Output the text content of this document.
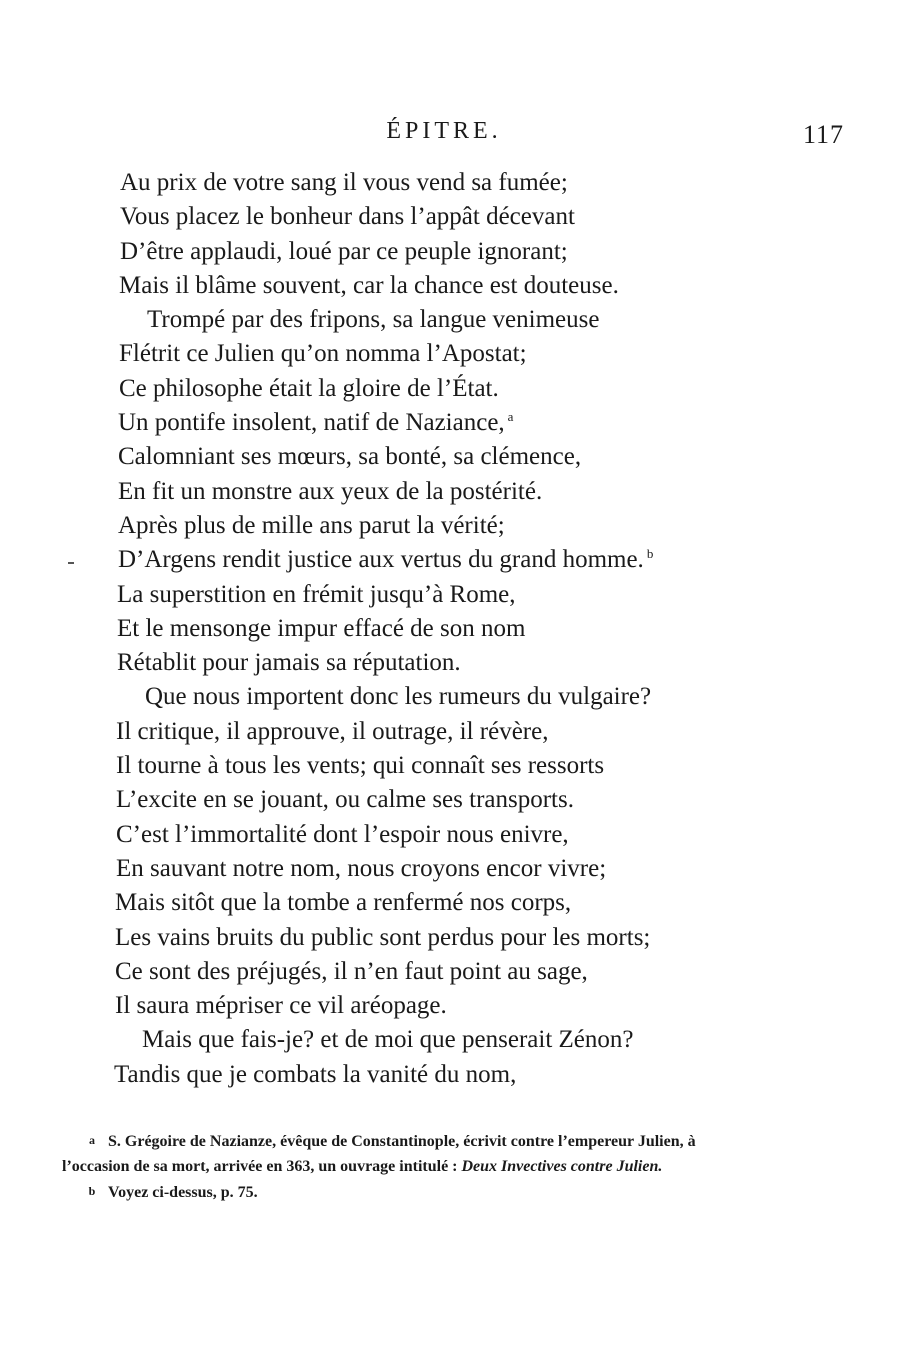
ÉPITRE.	117
Au prix de votre sang il vous vend sa fumée;
Vous placez le bonheur dans l’appât décevant
D’être applaudi, loué par ce peuple ignorant;
Mais il blâme souvent, car la chance est douteuse.
Trompé par des fripons, sa langue venimeuse
Flétrit ce Julien qu’on nomma l’Apostat;
Ce philosophe était la gloire de l’État.
Un pontife insolent, natif de Naziance, $^a$
Calomniant ses mœurs, sa bonté, sa clémence,
En fit un monstre aux yeux de la postérité.
Après plus de mille ans parut la vérité;
D’Argens rendit justice aux vertus du grand homme. $^b$
La superstition en frémit jusqu’à Rome,
Et le mensonge impur effacé de son nom
Rétablit pour jamais sa réputation.
Que nous importent donc les rumeurs du vulgaire?
Il critique, il approuve, il outrage, il révère,
Il tourne à tous les vents; qui connaît ses ressorts
L’excite en se jouant, ou calme ses transports.
C’est l’immortalité dont l’espoir nous enivre,
En sauvant notre nom, nous croyons encor vivre;
Mais sitôt que la tombe a renfermé nos corps,
Les vains bruits du public sont perdus pour les morts;
Ce sont des préjugés, il n’en faut point au sage,
Il saura mépriser ce vil aréopage.
Mais que fais-je? et de moi que penserait Zénon?
Tandis que je combats la vanité du nom,
a S. Grégoire de Nazianze, évêque de Constantinople, écrivit contre l’empereur Julien, à
l’occasion de sa mort, arrivée en 363, un ouvrage intitulé : Deux Invectives contre Julien.
b Voyez ci-dessus, p. 75.
